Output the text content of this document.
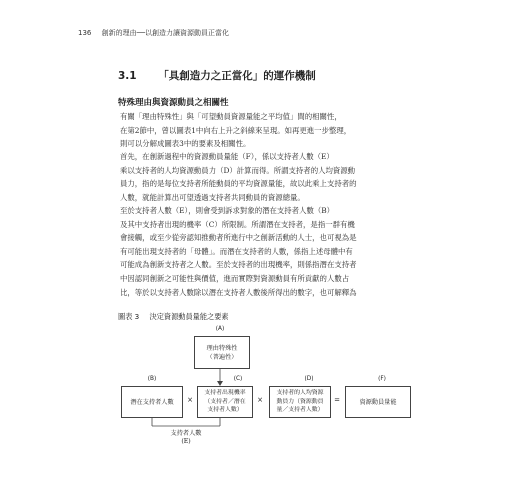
136 創新的理由──以創造力讓資源動員正當化
3.1 「具創造力之正當化」的運作機制
特殊理由與資源動員之相關性

有關「理由特殊性」與「可望動員資源量能之平均值」間的相關性，
在第2節中，曾以圖表1中向右上升之斜線來呈現。如再更進一步整理，
則可以分解成圖表3中的要素及相關性。

首先，在創新過程中的資源動員量能（F），係以支持者人數（E）
乘以支持者的人均資源動員力（D）計算而得。所謂支持者的人均資源動
員力，指的是每位支持者所能動員的平均資源量能，故以此乘上支持者的
人數，就能計算出可望透過支持者共同動員的資源總量。

至於支持者人數（E），則會受到訴求對象的潛在支持者人數（B）
及其中支持者出現的機率（C）所限制。所謂潛在支持者，是指一群有機
會接觸，或至少從旁認知推動者所進行中之創新活動的人士，也可視為是
有可能出現支持者的「母體」。而潛在支持者的人數，係指上述母體中有
可能成為創新支持者之人數。至於支持者的出現機率，則係指潛在支持者
中因認同創新之可能性與價值，進而實際對資源動員有所貢獻的人數占
比，等於以支持者人數除以潛在支持者人數後所得出的數字，也可解釋為

圖表 3 決定資源動員量能之要素
(A)
理由特殊性
（普遍性）
(B)
潛在支持者人數 ×
(C)
支持者出現機率
（支持者／潛在
支持者人數）
×
(D)
支持者的人均資源
動員力（資源動員
量／支持者人數）
=
(F)
資源動員量能
支持者人數
(E)
